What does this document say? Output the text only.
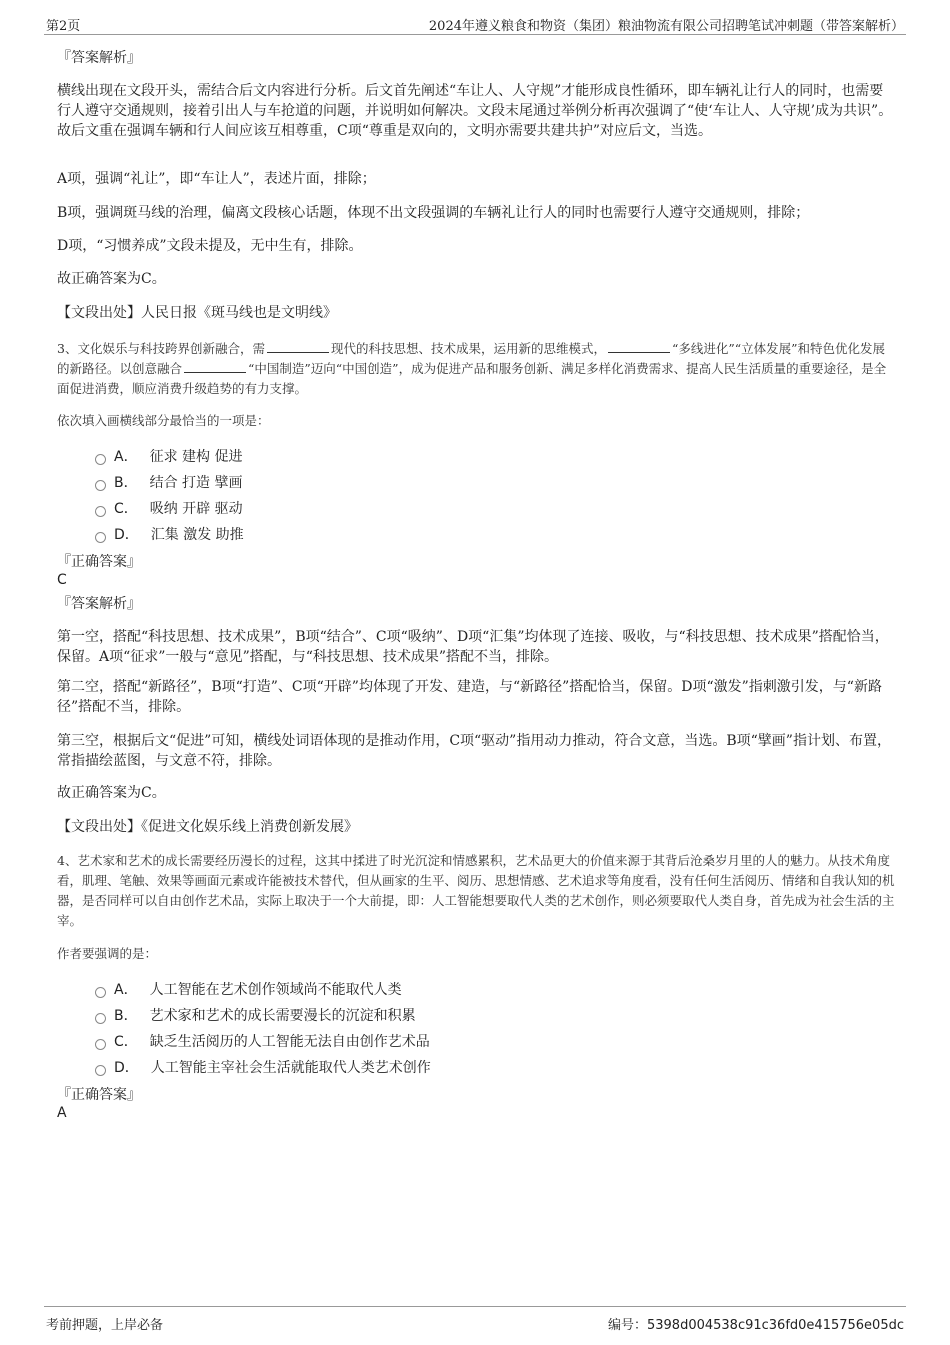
第2页	2024年遵义粮食和物资（集团）粮油物流有限公司招聘笔试冲刺题（带答案解析）

『答案解析』

横线出现在文段开头，需结合后文内容进行分析。后文首先阐述“车让人、人守规”才能形成良性循环，即车辆礼让行人的同时，也需要行人遵守交通规则，接着引出人与车抢道的问题，并说明如何解决。文段末尾通过举例分析再次强调了“使‘车让人、人守规’成为共识”。故后文重在强调车辆和行人间应该互相尊重，C项“尊重是双向的，文明亦需要共建共护”对应后文，当选。

A项，强调“礼让”，即“车让人”，表述片面，排除；

B项，强调斑马线的治理，偏离文段核心话题，体现不出文段强调的车辆礼让行人的同时也需要行人遵守交通规则，排除；

D项，“习惯养成”文段未提及，无中生有，排除。

故正确答案为C。

【文段出处】人民日报《斑马线也是文明线》

3、文化娱乐与科技跨界创新融合，需	现代的科技思想、技术成果，运用新的思维模式，	“多线进化”“立体发展”和特色优化发展的新路径。以创意融合	“中国制造”迈向“中国创造”，成为促进产品和服务创新、满足多样化消费需求、提高人民生活质量的重要途径，是全面促进消费，顺应消费升级趋势的有力支撑。

依次填入画横线部分最恰当的一项是：

A． 征求 建构 促进
B． 结合 打造 擘画
C． 吸纳 开辟 驱动
D． 汇集 激发 助推

『正确答案』

C

『答案解析』

第一空，搭配“科技思想、技术成果”，B项“结合”、C项“吸纳”、D项“汇集”均体现了连接、吸收，与“科技思想、技术成果”搭配恰当，保留。A项“征求”一般与“意见”搭配，与“科技思想、技术成果”搭配不当，排除。

第二空，搭配“新路径”，B项“打造”、C项“开辟”均体现了开发、建造，与“新路径”搭配恰当，保留。D项“激发”指刺激引发，与“新路径”搭配不当，排除。

第三空，根据后文“促进”可知，横线处词语体现的是推动作用，C项“驱动”指用动力推动，符合文意，当选。B项“擘画”指计划、布置，常指描绘蓝图，与文意不符，排除。

故正确答案为C。

【文段出处】《促进文化娱乐线上消费创新发展》

4、艺术家和艺术的成长需要经历漫长的过程，这其中揉进了时光沉淀和情感累积，艺术品更大的价值来源于其背后沧桑岁月里的人的魅力。从技术角度看，肌理、笔触、效果等画面元素或许能被技术替代，但从画家的生平、阅历、思想情感、艺术追求等角度看，没有任何生活阅历、情绪和自我认知的机器，是否同样可以自由创作艺术品，实际上取决于一个大前提，即：人工智能想要取代人类的艺术创作，则必须要取代人类自身，首先成为社会生活的主宰。

作者要强调的是：

A． 人工智能在艺术创作领域尚不能取代人类
B． 艺术家和艺术的成长需要漫长的沉淀和积累
C． 缺乏生活阅历的人工智能无法自由创作艺术品
D． 人工智能主宰社会生活就能取代人类艺术创作

『正确答案』

A
考前押题，上岸必备	编号：5398d004538c91c36fd0e415756e05dc
